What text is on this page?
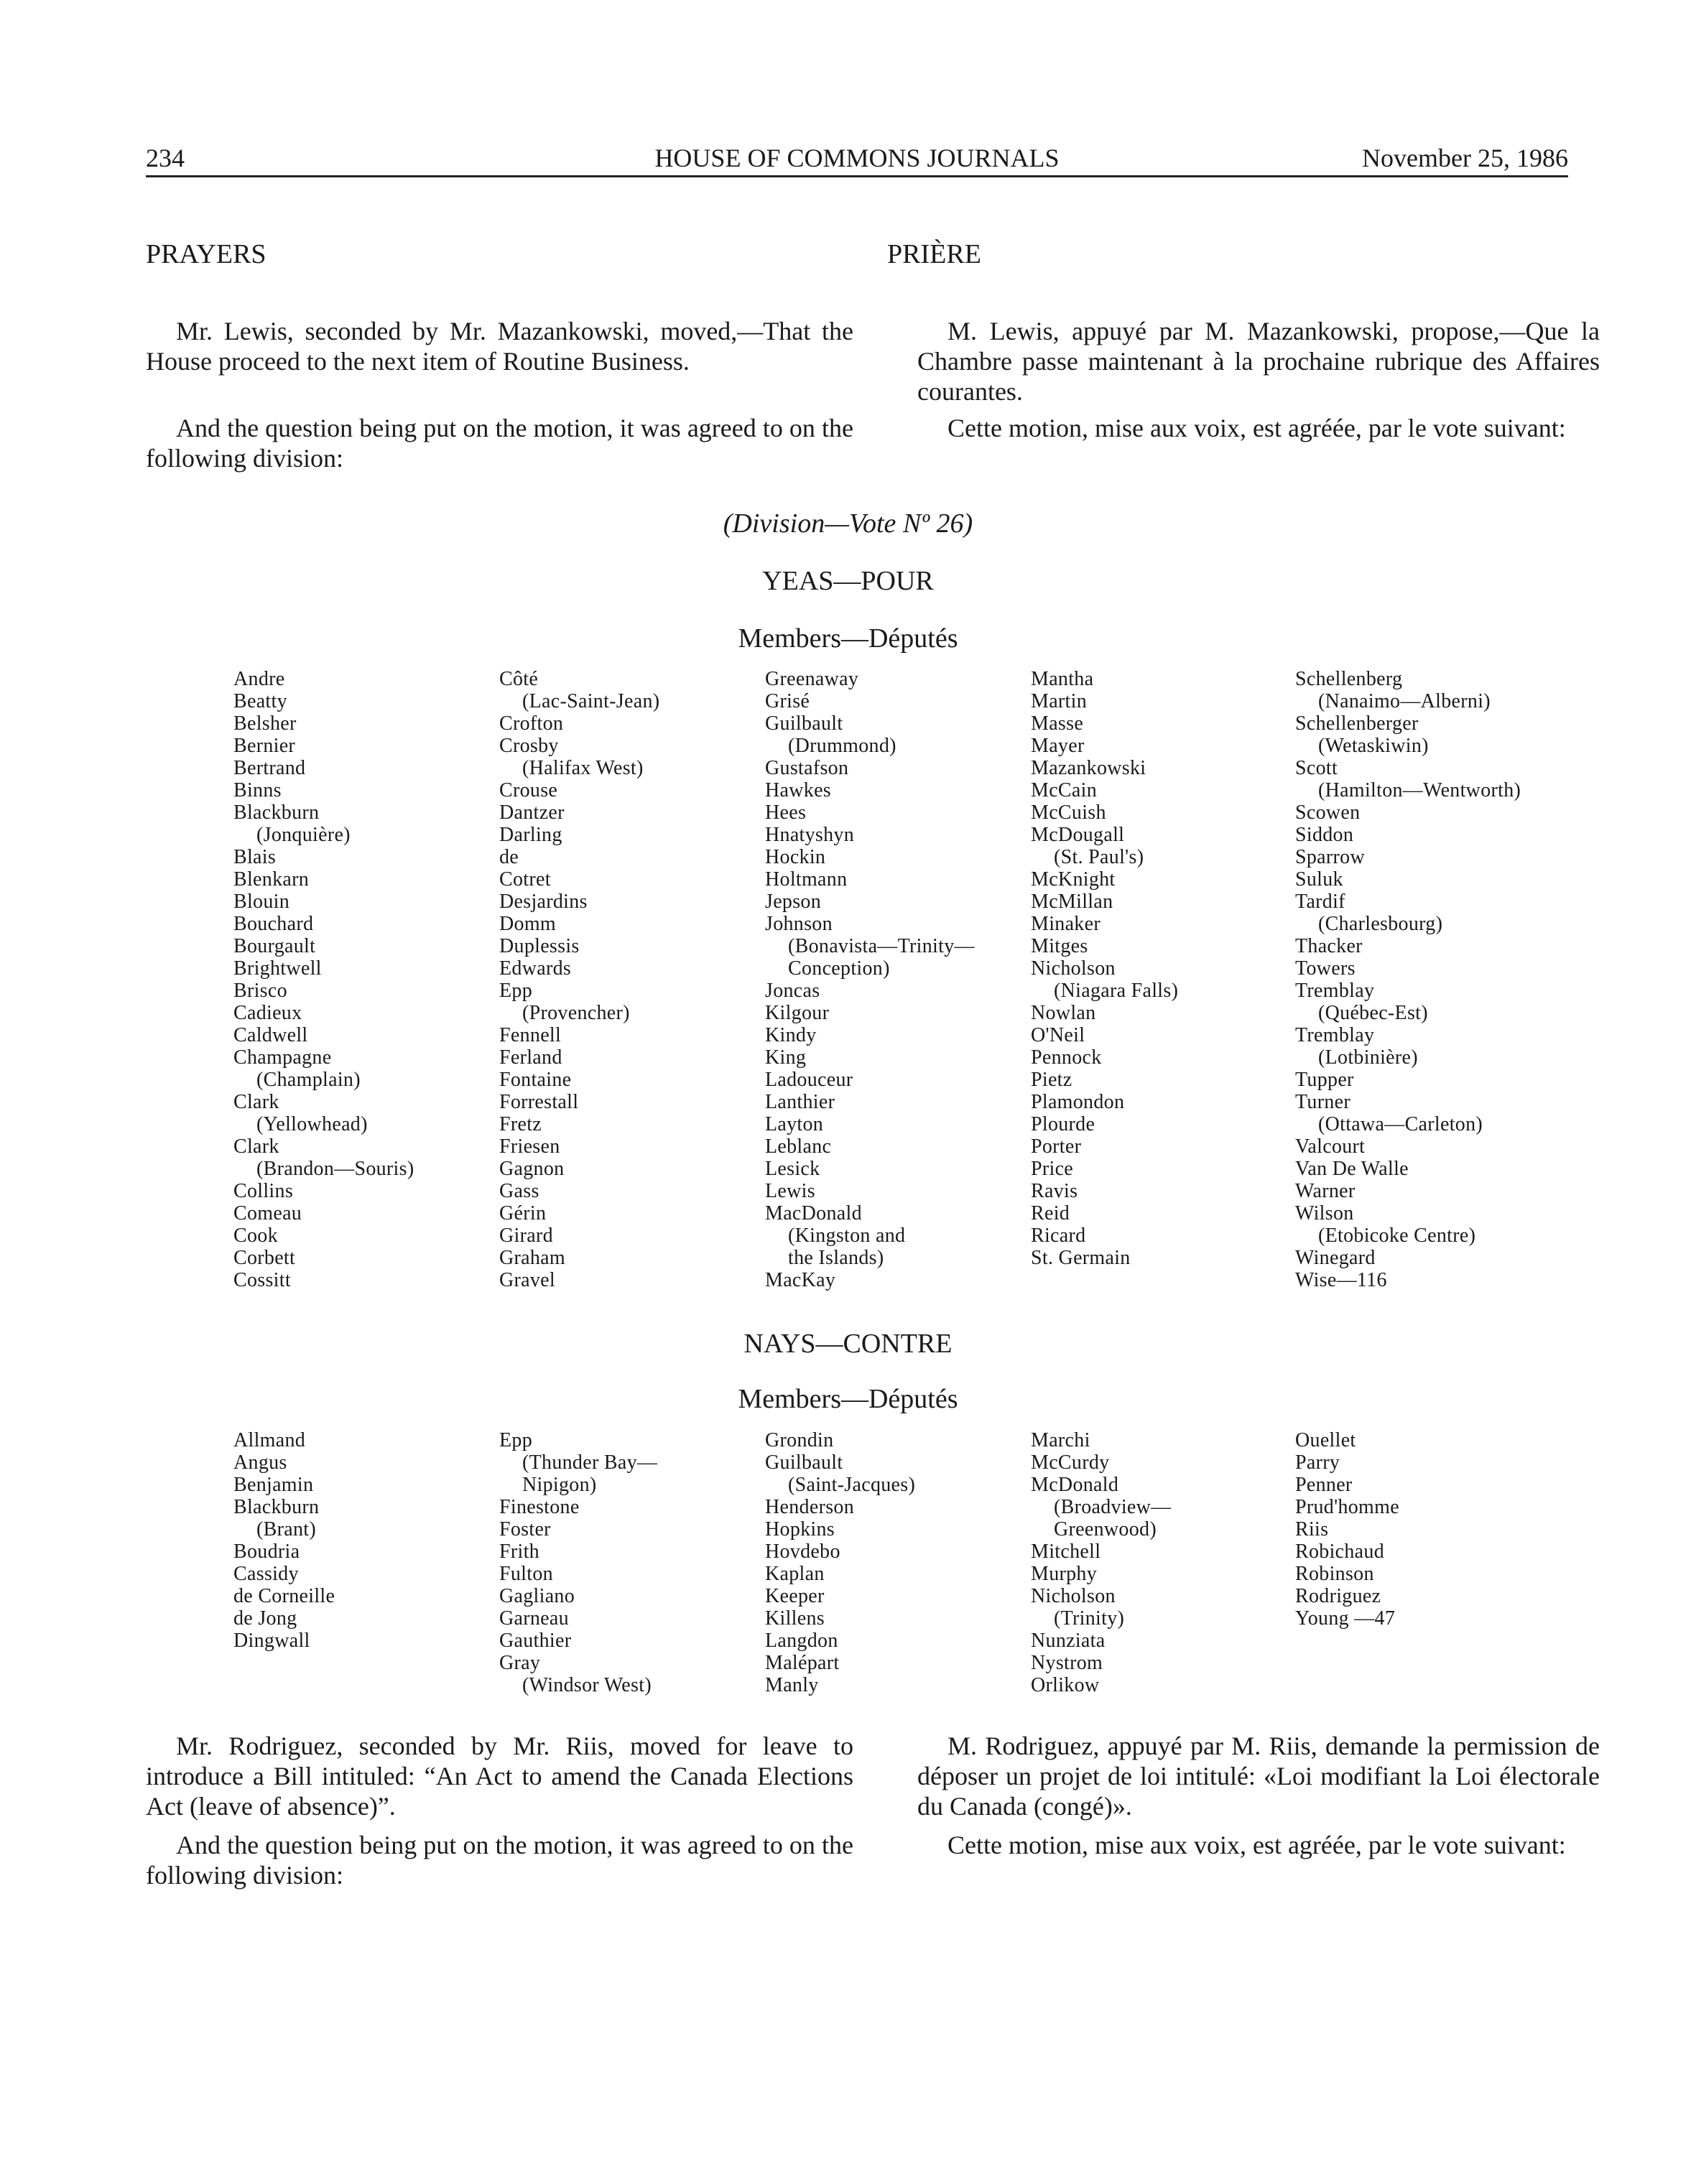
234	HOUSE OF COMMONS JOURNALS	November 25, 1986
PRAYERS	PRIÈRE
Mr. Lewis, seconded by Mr. Mazankowski, moved,—That the House proceed to the next item of Routine Business.
M. Lewis, appuyé par M. Mazankowski, propose,—Que la Chambre passe maintenant à la prochaine rubrique des Affaires courantes.
And the question being put on the motion, it was agreed to on the following division:
Cette motion, mise aux voix, est agréée, par le vote suivant:
(Division—Vote Nº 26)
YEAS—POUR
Members—Députés
Andre
Beatty
Belsher
Bernier
Bertrand
Binns
Blackburn
(Jonquière)
Blais
Blenkarn
Blouin
Bouchard
Bourgault
Brightwell
Brisco
Cadieux
Caldwell
Champagne
(Champlain)
Clark
(Yellowhead)
Clark
(Brandon—Souris)
Collins
Comeau
Cook
Corbett
Cossitt
Côté
(Lac-Saint-Jean)
Crofton
Crosby
(Halifax West)
Crouse
Dantzer
Darling
de
Cotret
Desjardins
Domm
Duplessis
Edwards
Epp
(Provencher)
Fennell
Ferland
Fontaine
Forrestall
Fretz
Friesen
Gagnon
Gass
Gérin
Girard
Graham
Gravel
Greenaway
Grisé
Guilbault
(Drummond)
Gustafson
Hawkes
Hees
Hnatyshyn
Hockin
Holtmann
Jepson
Johnson
(Bonavista—Trinity—
Conception)
Joncas
Kilgour
Kindy
King
Ladouceur
Lanthier
Layton
Leblanc
Lesick
Lewis
MacDonald
(Kingston and
the Islands)
MacKay
Mantha
Martin
Masse
Mayer
Mazankowski
McCain
McCuish
McDougall
(St. Paul's)
McKnight
McMillan
Minaker
Mitges
Nicholson
(Niagara Falls)
Nowlan
O'Neil
Pennock
Pietz
Plamondon
Plourde
Porter
Price
Ravis
Reid
Ricard
St. Germain
Schellenberg
(Nanaimo—Alberni)
Schellenberger
(Wetaskiwin)
Scott
(Hamilton—Wentworth)
Scowen
Siddon
Sparrow
Suluk
Tardif
(Charlesbourg)
Thacker
Towers
Tremblay
(Québec-Est)
Tremblay
(Lotbinière)
Tupper
Turner
(Ottawa—Carleton)
Valcourt
Van De Walle
Warner
Wilson
(Etobicoke Centre)
Winegard
Wise—116
NAYS—CONTRE
Members—Députés
Allmand
Angus
Benjamin
Blackburn
(Brant)
Boudria
Cassidy
de Corneille
de Jong
Dingwall
Epp
(Thunder Bay—
Nipigon)
Finestone
Foster
Frith
Fulton
Gagliano
Garneau
Gauthier
Gray
(Windsor West)
Grondin
Guilbault
(Saint-Jacques)
Henderson
Hopkins
Hovdebo
Kaplan
Keeper
Killens
Langdon
Malépart
Manly
Marchi
McCurdy
McDonald
(Broadview—
Greenwood)
Mitchell
Murphy
Nicholson
(Trinity)
Nunziata
Nystrom
Orlikow
Ouellet
Parry
Penner
Prud'homme
Riis
Robichaud
Robinson
Rodriguez
Young —47
Mr. Rodriguez, seconded by Mr. Riis, moved for leave to introduce a Bill intituled: “An Act to amend the Canada Elections Act (leave of absence)”.
M. Rodriguez, appuyé par M. Riis, demande la permission de déposer un projet de loi intitulé: «Loi modifiant la Loi électorale du Canada (congé)».
And the question being put on the motion, it was agreed to on the following division:
Cette motion, mise aux voix, est agréée, par le vote suivant:
